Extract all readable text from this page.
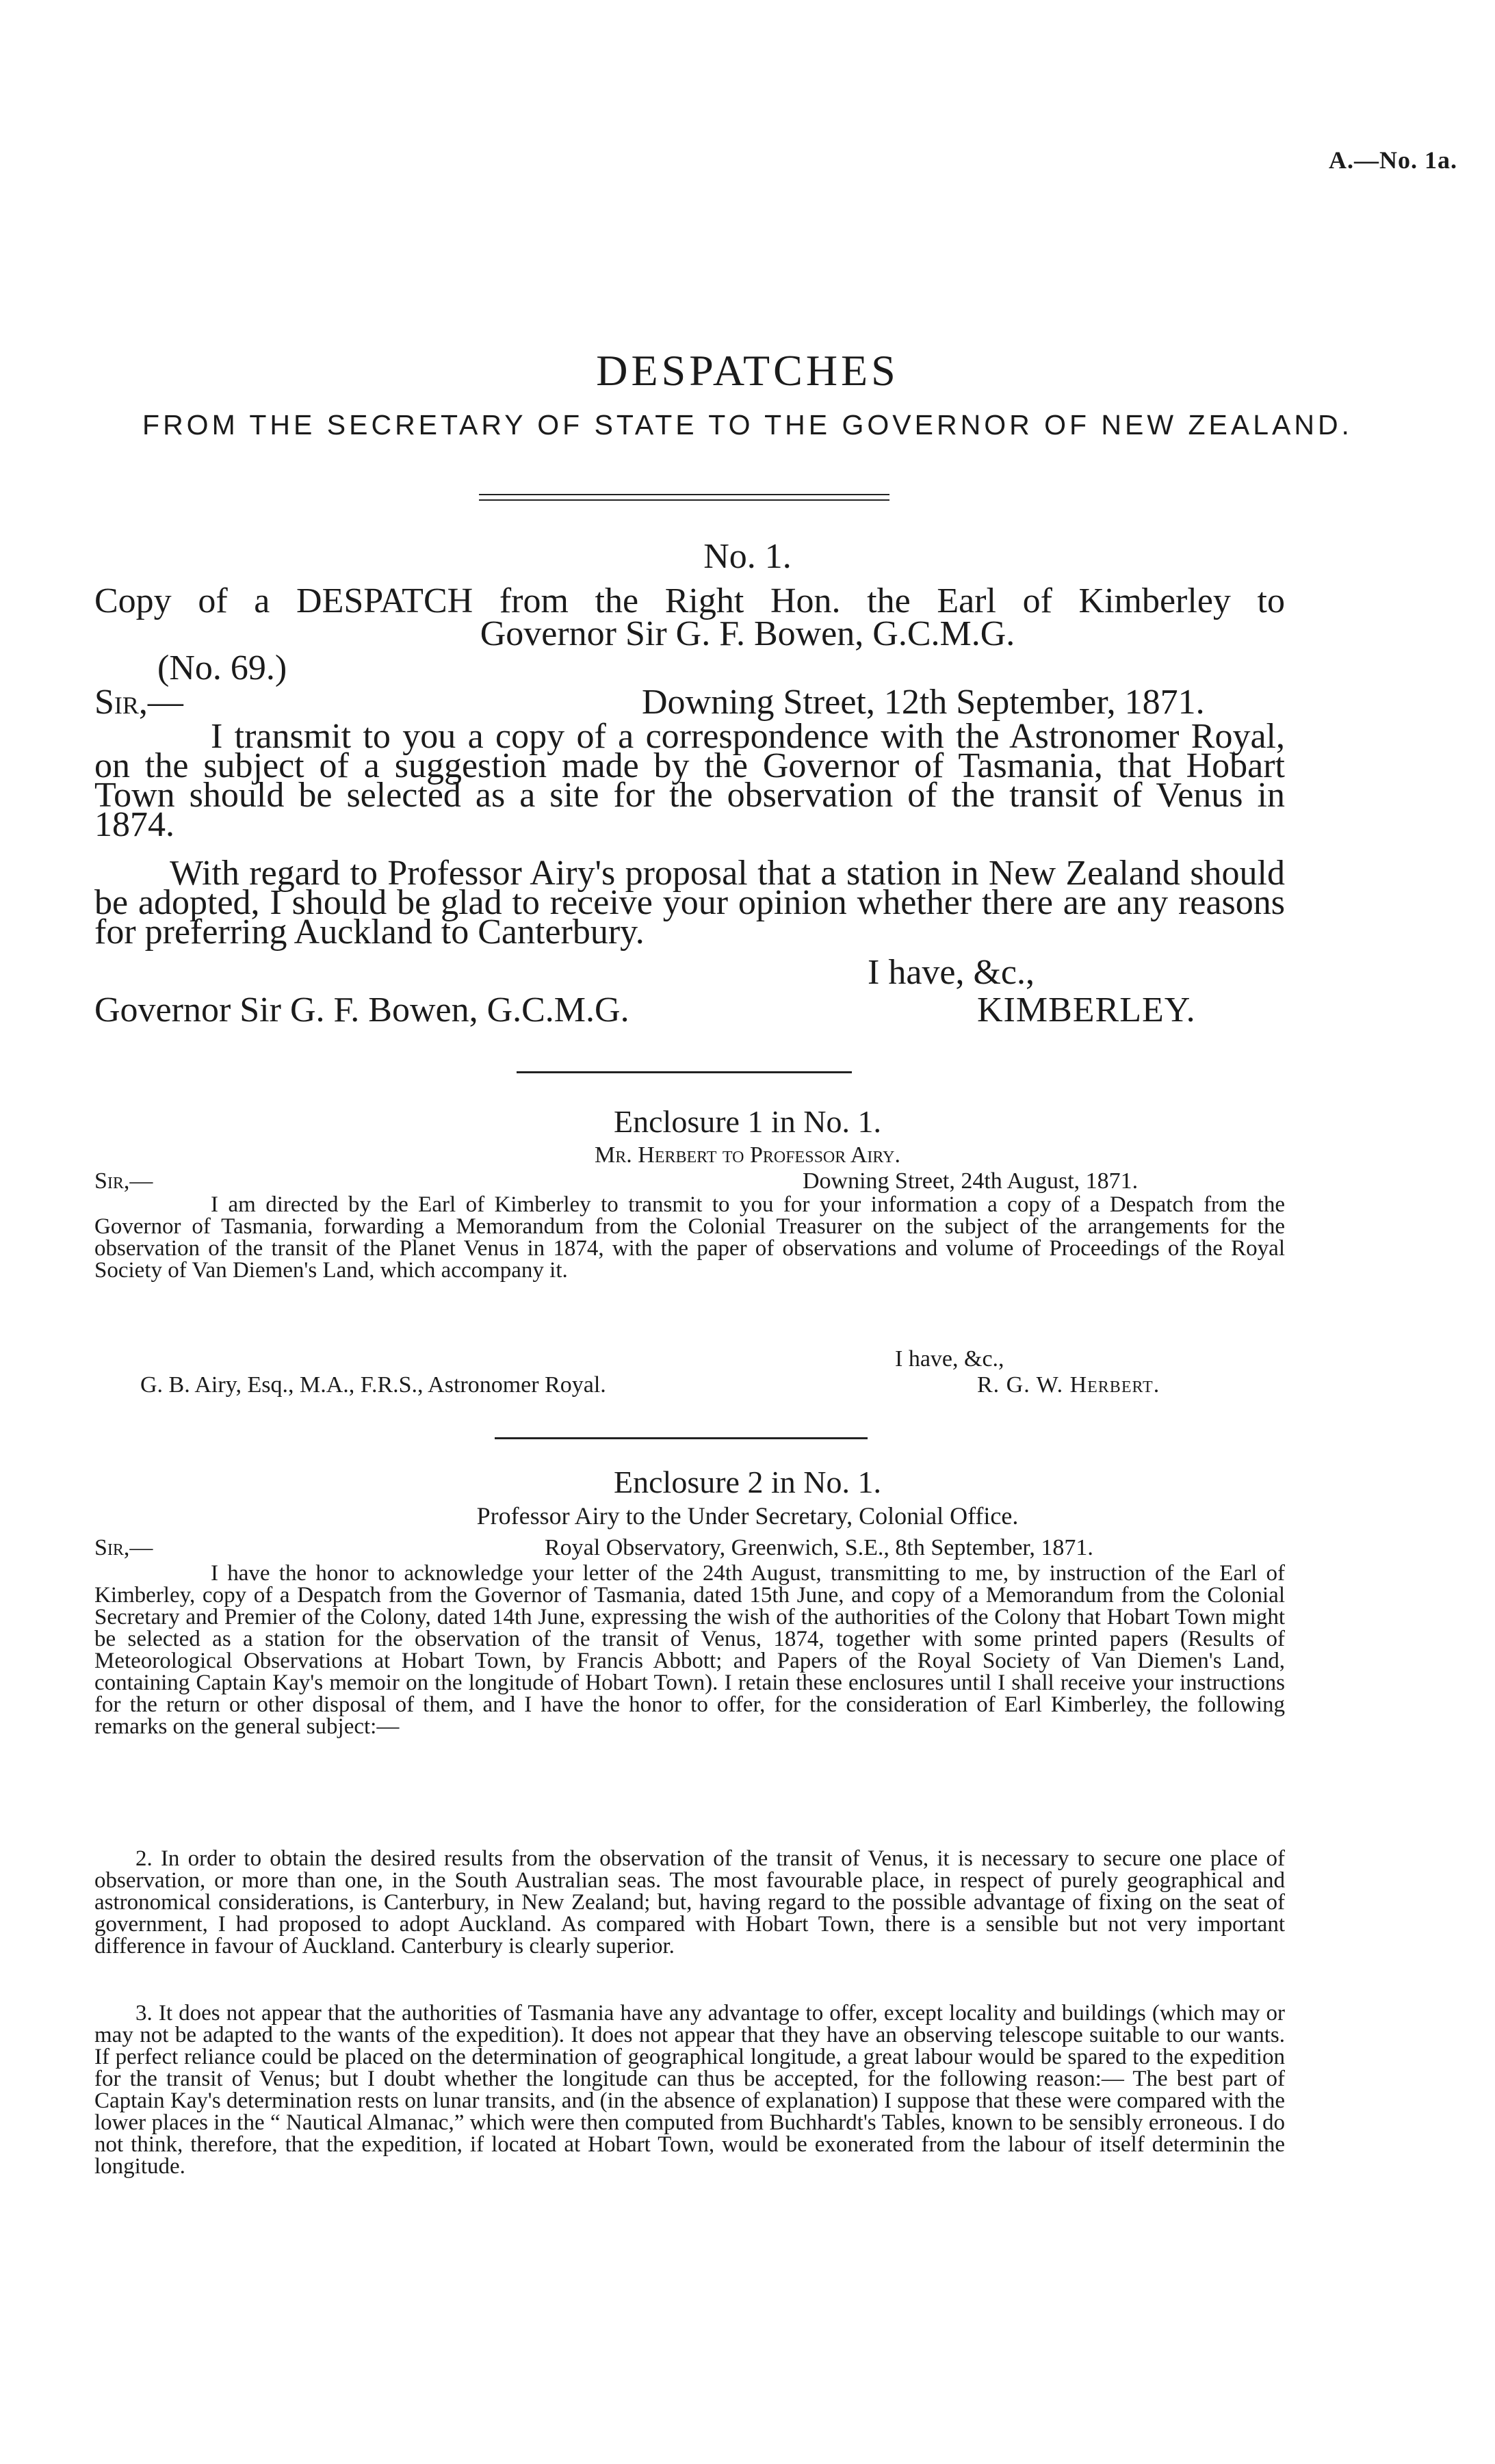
A.—No. 1a.
DESPATCHES
FROM THE SECRETARY OF STATE TO THE GOVERNOR OF NEW ZEALAND.
No. 1.
Copy of a DESPATCH from the Right Hon. the Earl of Kimberley to
Governor Sir G. F. Bowen, G.C.M.G.
(No. 69.)
Sir,—	Downing Street, 12th September, 1871.

I transmit to you a copy of a correspondence with the Astronomer Royal, on the subject of a suggestion made by the Governor of Tasmania, that Hobart Town should be selected as a site for the observation of the transit of Venus in 1874.

With regard to Professor Airy's proposal that a station in New Zealand should be adopted, I should be glad to receive your opinion whether there are any reasons for preferring Auckland to Canterbury.

I have, &c.,
Governor Sir G. F. Bowen, G.C.M.G.	KIMBERLEY.
Enclosure 1 in No. 1.
Mr. Herbert to Professor Airy.
Sir,—	Downing Street, 24th August, 1871.

I am directed by the Earl of Kimberley to transmit to you for your information a copy of a Despatch from the Governor of Tasmania, forwarding a Memorandum from the Colonial Treasurer on the subject of the arrangements for the observation of the transit of the Planet Venus in 1874, with the paper of observations and volume of Proceedings of the Royal Society of Van Diemen's Land, which accompany it.

I have, &c.,
G. B. Airy, Esq., M.A., F.R.S., Astronomer Royal.	R. G. W. Herbert.
Enclosure 2 in No. 1.
Professor Airy to the Under Secretary, Colonial Office.
Sir,—	Royal Observatory, Greenwich, S.E., 8th September, 1871.

I have the honor to acknowledge your letter of the 24th August, transmitting to me, by instruction of the Earl of Kimberley, copy of a Despatch from the Governor of Tasmania, dated 15th June, and copy of a Memorandum from the Colonial Secretary and Premier of the Colony, dated 14th June, expressing the wish of the authorities of the Colony that Hobart Town might be selected as a station for the observation of the transit of Venus, 1874, together with some printed papers (Results of Meteorological Observations at Hobart Town, by Francis Abbott; and Papers of the Royal Society of Van Diemen's Land, containing Captain Kay's memoir on the longitude of Hobart Town). I retain these enclosures until I shall receive your instructions for the return or other disposal of them, and I have the honor to offer, for the consideration of Earl Kimberley, the following remarks on the general subject:—

2. In order to obtain the desired results from the observation of the transit of Venus, it is necessary to secure one place of observation, or more than one, in the South Australian seas. The most favourable place, in respect of purely geographical and astronomical considerations, is Canterbury, in New Zealand; but, having regard to the possible advantage of fixing on the seat of government, I had proposed to adopt Auckland. As compared with Hobart Town, there is a sensible but not very important difference in favour of Auckland. Canterbury is clearly superior.

3. It does not appear that the authorities of Tasmania have any advantage to offer, except locality and buildings (which may or may not be adapted to the wants of the expedition). It does not appear that they have an observing telescope suitable to our wants. If perfect reliance could be placed on the determination of geographical longitude, a great labour would be spared to the expedition for the transit of Venus; but I doubt whether the longitude can thus be accepted, for the following reason:— The best part of Captain Kay's determination rests on lunar transits, and (in the absence of explanation) I suppose that these were compared with the lower places in the “ Nautical Almanac,” which were then computed from Buchhardt's Tables, known to be sensibly erroneous. I do not think, therefore, that the expedition, if located at Hobart Town, would be exonerated from the labour of itself determinin the longitude.
